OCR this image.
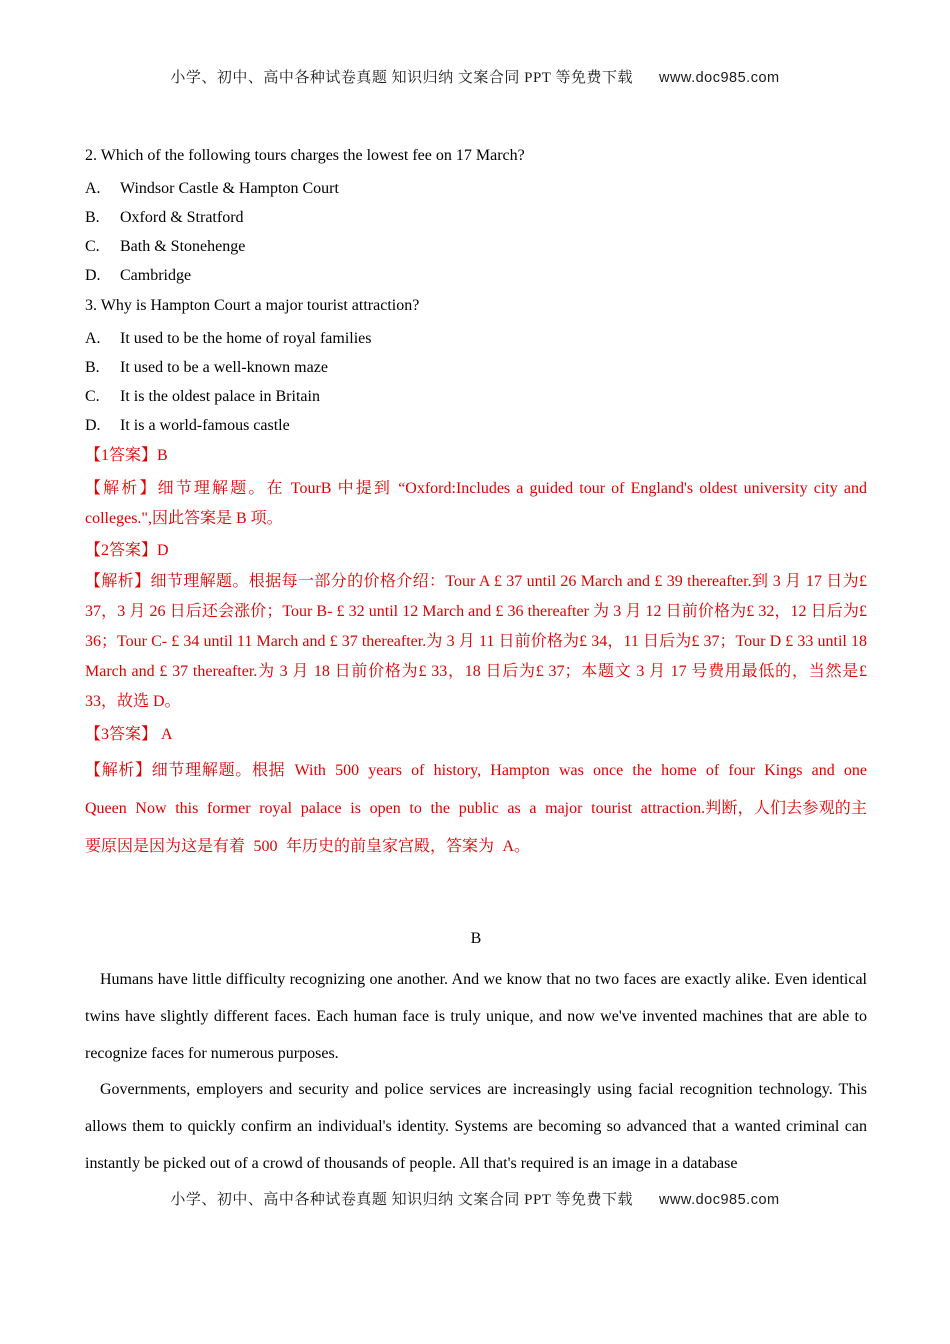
小学、初中、高中各种试卷真题 知识归纳 文案合同 PPT 等免费下载 www.doc985.com
2. Which of the following tours charges the lowest fee on 17 March?
A.	Windsor Castle & Hampton Court
B.	Oxford & Stratford
C.	Bath & Stonehenge
D.	Cambridge
3. Why is Hampton Court a major tourist attraction?
A.	It used to be the home of royal families
B.	It used to be a well-known maze
C.	It is the oldest palace in Britain
D.	It is a world-famous castle
【1答案】B
【解析】细节理解题。在 TourB 中提到 “Oxford:Includes a guided tour of England's oldest university city and colleges.",因此答案是 B 项。
【2答案】D
【解析】细节理解题。根据每一部分的价格介绍：Tour A £ 37 until 26 March and £ 39 thereafter.到 3 月 17 日为£ 37，3 月 26 日后还会涨价；Tour B- £ 32 until 12 March and £ 36 thereafter 为 3 月 12 日前价格为£ 32，12 日后为£ 36；Tour C- £ 34 until 11 March and £ 37 thereafter.为 3 月 11 日前价格为£ 34，11 日后为£ 37；Tour D £ 33 until 18 March and £ 37 thereafter.为 3 月 18 日前价格为£ 33，18 日后为£ 37；本题文 3 月 17 号费用最低的，当然是£ 33，故选 D。
【3答案】 A
【解析】细节理解题。根据 With 500 years of history, Hampton was once the home of four Kings and one Queen Now this former royal palace is open to the public as a major tourist attraction.判断，人们去参观的主要原因是因为这是有着 500 年历史的前皇家宫殿，答案为 A。
B
Humans have little difficulty recognizing one another. And we know that no two faces are exactly alike. Even identical twins have slightly different faces. Each human face is truly unique, and now we've invented machines that are able to recognize faces for numerous purposes.
Governments, employers and security and police services are increasingly using facial recognition technology. This allows them to quickly confirm an individual's identity. Systems are becoming so advanced that a wanted criminal can instantly be picked out of a crowd of thousands of people. All that's required is an image in a database
小学、初中、高中各种试卷真题 知识归纳 文案合同 PPT 等免费下载 www.doc985.com
